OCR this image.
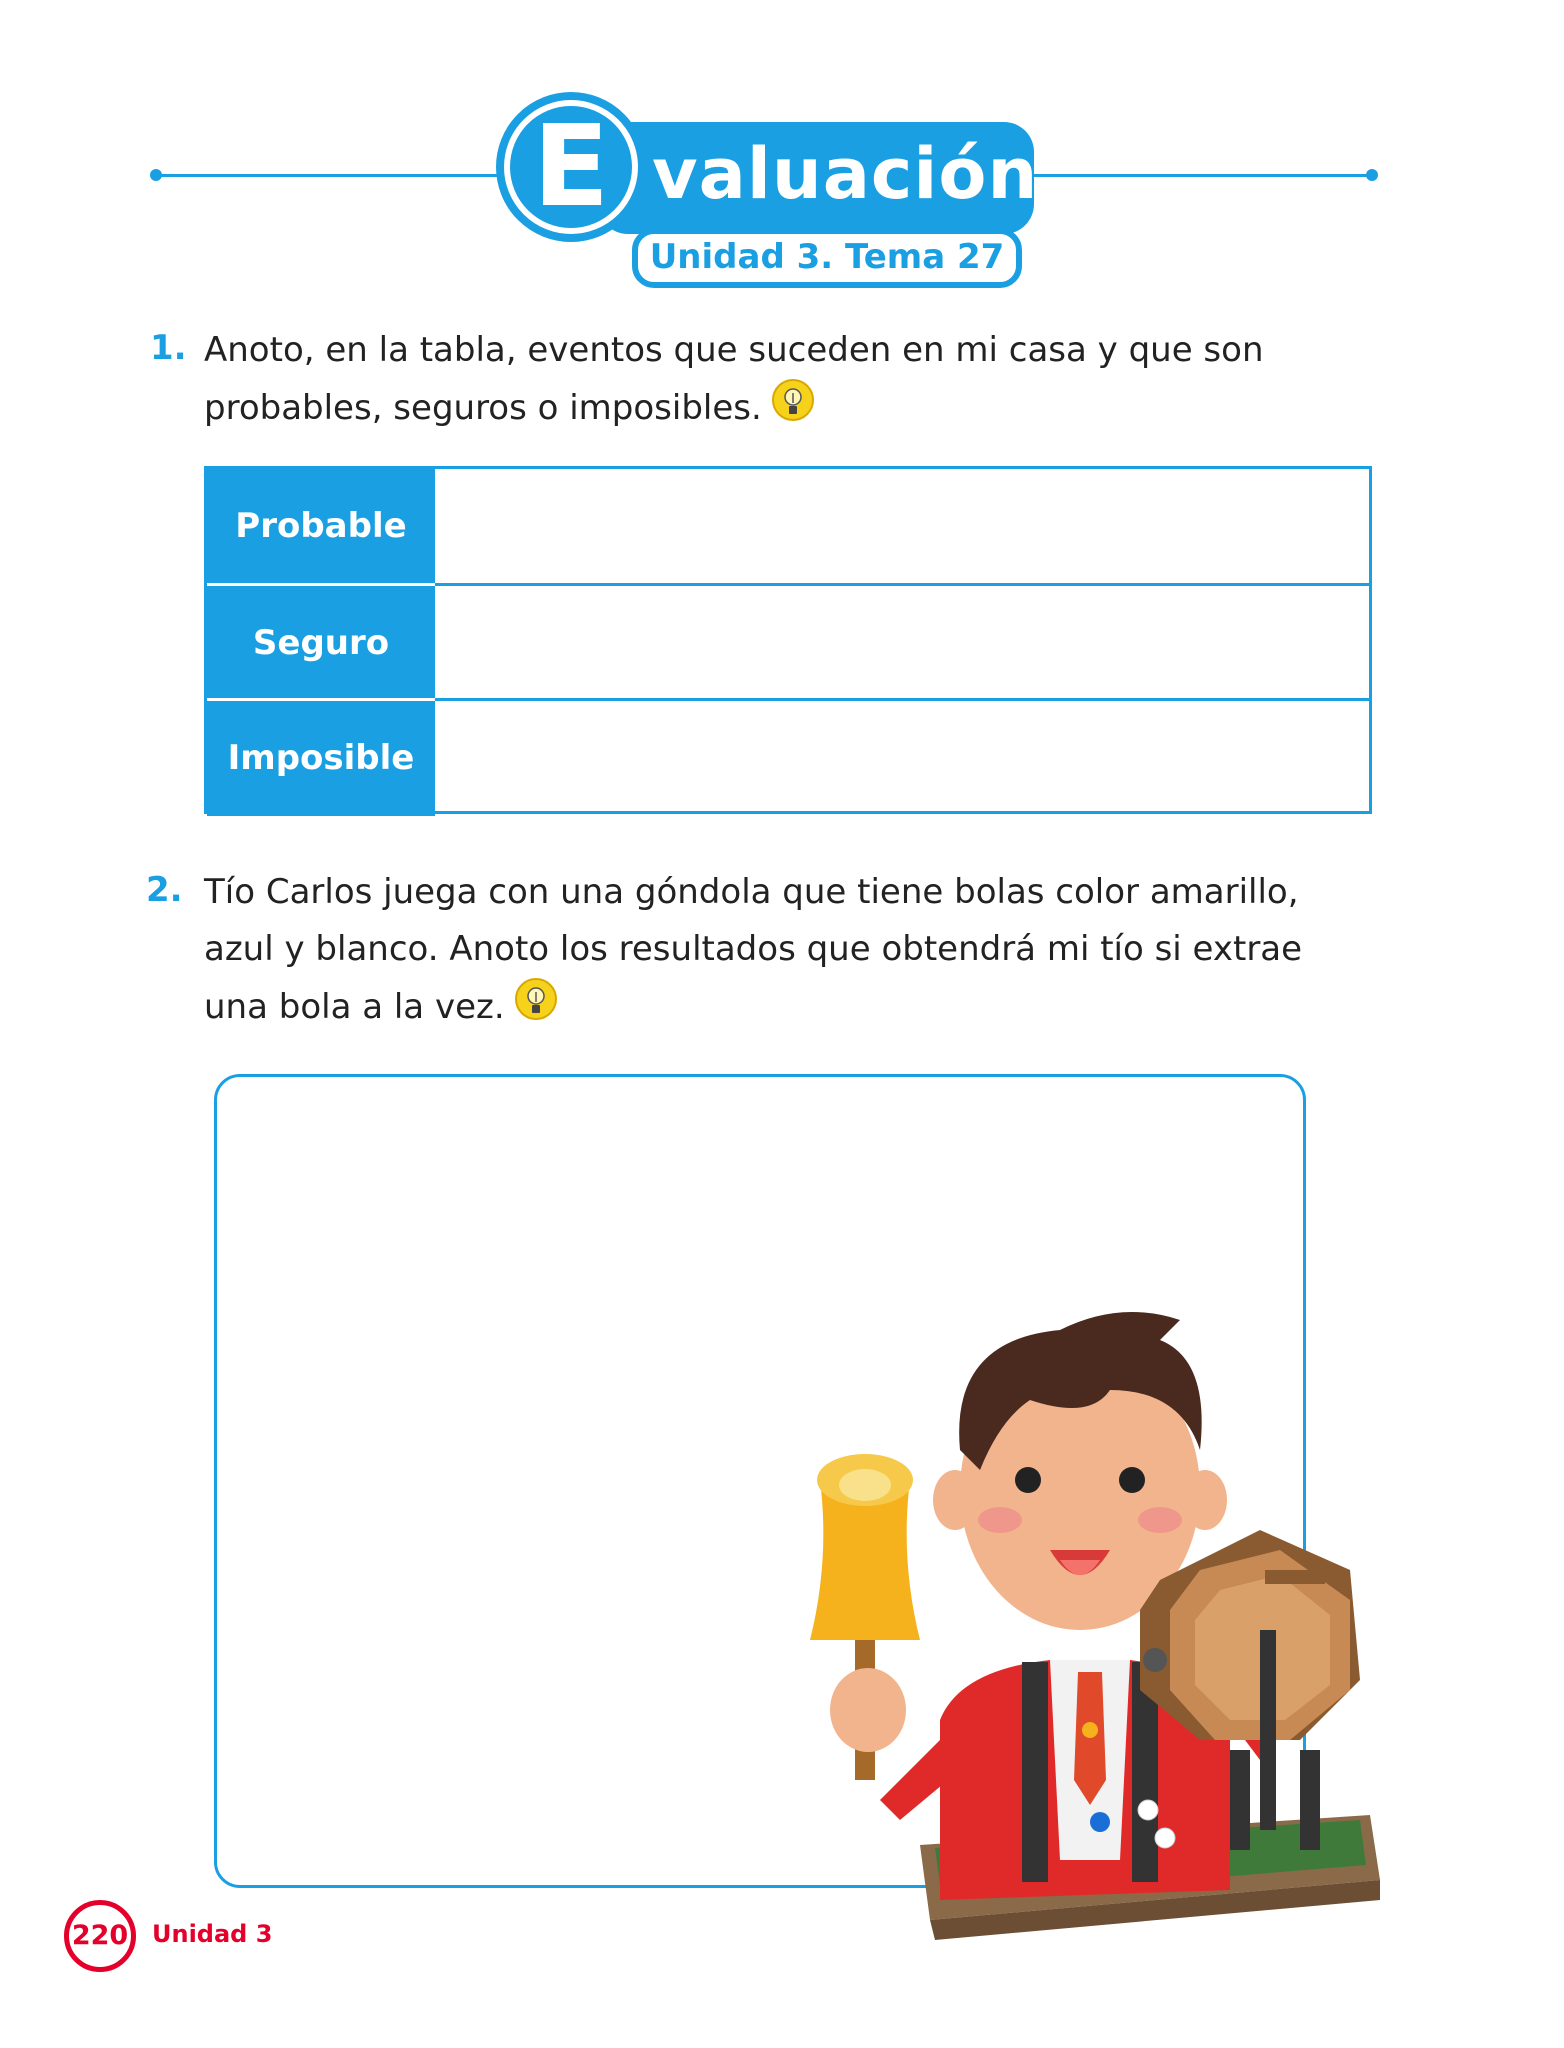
valuación
Unidad 3. Tema 27
E
1. Anoto, en la tabla, eventos que suceden en mi casa y que son
probables, seguros o imposibles.
Probable
Seguro
Imposible
2. Tío Carlos juega con una góndola que tiene bolas color amarillo,
azul y blanco. Anoto los resultados que obtendrá mi tío si extrae
una bola a la vez.
220 Unidad 3
